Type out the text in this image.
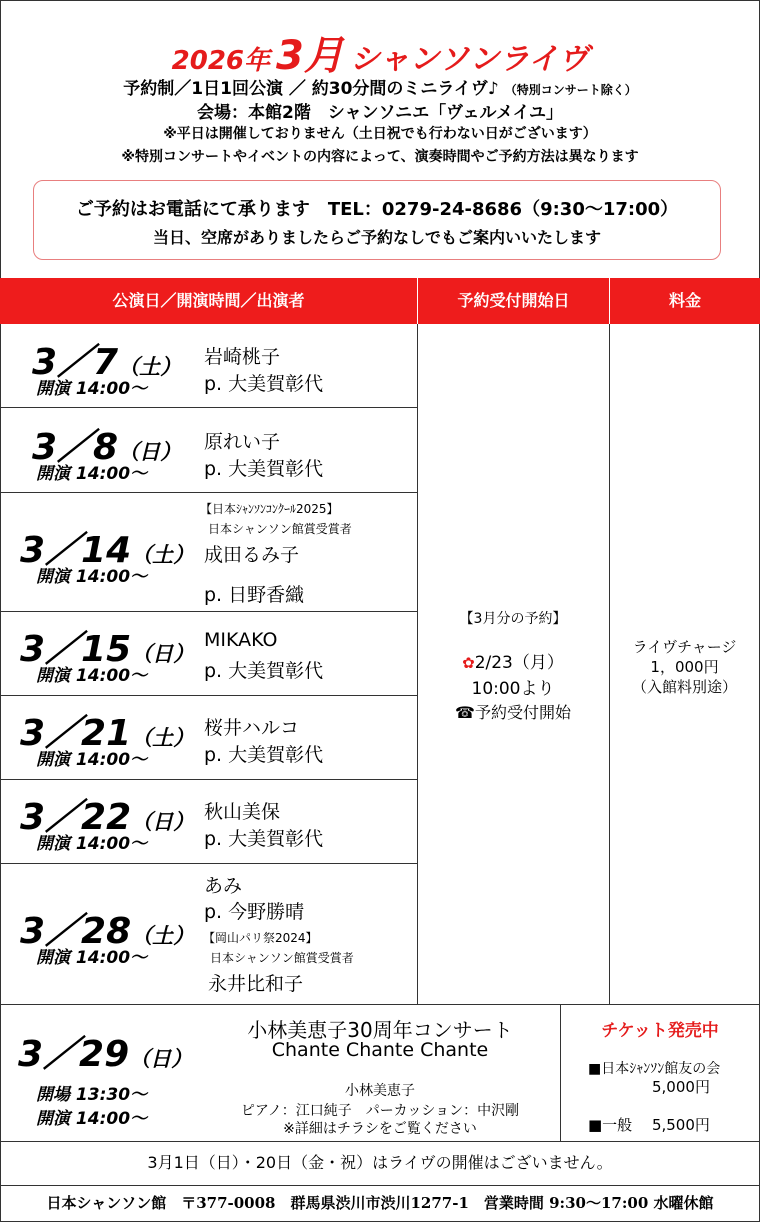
2026年 3月 シャンソンライヴ
予約制／1日1回公演 ／ 約30分間のミニライヴ♪ （特別コンサート除く）
会場：本館2階　シャンソニエ「ヴェルメイユ」
※平日は開催しておりません（土日祝でも行わない日がございます）
※特別コンサートやイベントの内容によって、演奏時間やご予約方法は異なります
ご予約はお電話にて承ります　TEL：0279-24-8686（9:30～17:00）
当日、空席がありましたらご予約なしでもご案内いいたします
公演日／開演時間／出演者	予約受付開始日	料金
3／7（土）
開演 14:00～
岩崎桃子
p. 大美賀彰代
3／8（日）
開演 14:00～
原れい子
p. 大美賀彰代
3／14（土）
開演 14:00～
【日本ｼｬﾝｿﾝｺﾝｸｰﾙ2025】
日本シャンソン館賞受賞者
成田るみ子
p. 日野香織
3／15（日）
開演 14:00～
MIKAKO
p. 大美賀彰代
3／21（土）
開演 14:00～
桜井ハルコ
p. 大美賀彰代
3／22（日）
開演 14:00～
秋山美保
p. 大美賀彰代
3／28（土）
開演 14:00～
あみ
p. 今野勝晴
【岡山パリ祭2024】
日本シャンソン館賞受賞者
永井比和子
【3月分の予約】
✿2/23（月）
10:00より
☎予約受付開始
ライヴチャージ
1，000円
（入館料別途）
3／29（日）
開場 13:30～
開演 14:00～
小林美恵子30周年コンサート
Chante Chante Chante
小林美恵子
ピアノ：江口純子　パーカッション：中沢剛
※詳細はチラシをご覧ください
チケット発売中
■日本ｼｬﾝｿﾝ館友の会
5,000円
■一般　 5,500円
3月1日（日）・20日（金・祝）はライヴの開催はございません。
日本シャンソン館　〒377-0008　群馬県渋川市渋川1277-1　営業時間 9:30～17:00 水曜休館
